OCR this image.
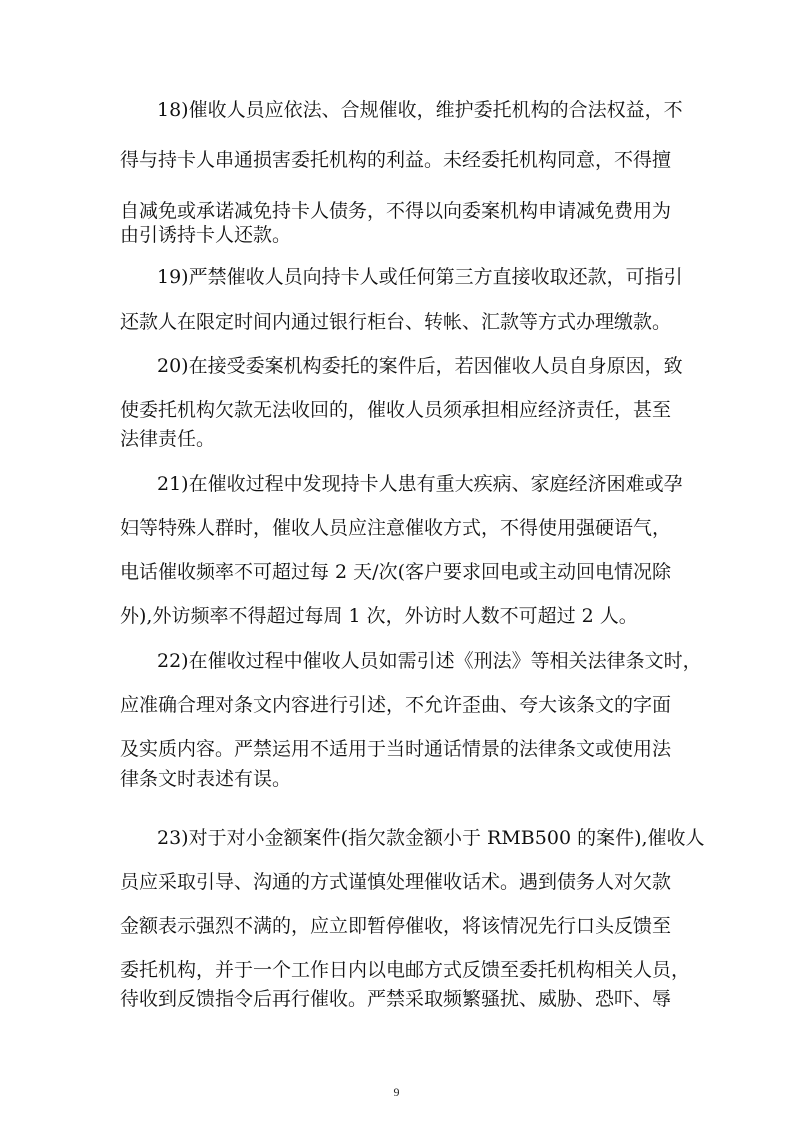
18)催收人员应依法、合规催收，维护委托机构的合法权益，不
得与持卡人串通损害委托机构的利益。未经委托机构同意，不得擅
自减免或承诺减免持卡人债务，不得以向委案机构申请减免费用为
由引诱持卡人还款。
19)严禁催收人员向持卡人或任何第三方直接收取还款，可指引
还款人在限定时间内通过银行柜台、转帐、汇款等方式办理缴款。
20)在接受委案机构委托的案件后，若因催收人员自身原因，致
使委托机构欠款无法收回的，催收人员须承担相应经济责任，甚至
法律责任。
21)在催收过程中发现持卡人患有重大疾病、家庭经济困难或孕
妇等特殊人群时，催收人员应注意催收方式，不得使用强硬语气，
电话催收频率不可超过每 2 天/次(客户要求回电或主动回电情况除
外),外访频率不得超过每周 1 次，外访时人数不可超过 2 人。
22)在催收过程中催收人员如需引述《刑法》等相关法律条文时，
应准确合理对条文内容进行引述，不允许歪曲、夸大该条文的字面
及实质内容。严禁运用不适用于当时通话情景的法律条文或使用法
律条文时表述有误。
23)对于对小金额案件(指欠款金额小于 RMB500 的案件),催收人
员应采取引导、沟通的方式谨慎处理催收话术。遇到债务人对欠款
金额表示强烈不满的，应立即暂停催收，将该情况先行口头反馈至
委托机构，并于一个工作日内以电邮方式反馈至委托机构相关人员，
待收到反馈指令后再行催收。严禁采取频繁骚扰、威胁、恐吓、辱
9
